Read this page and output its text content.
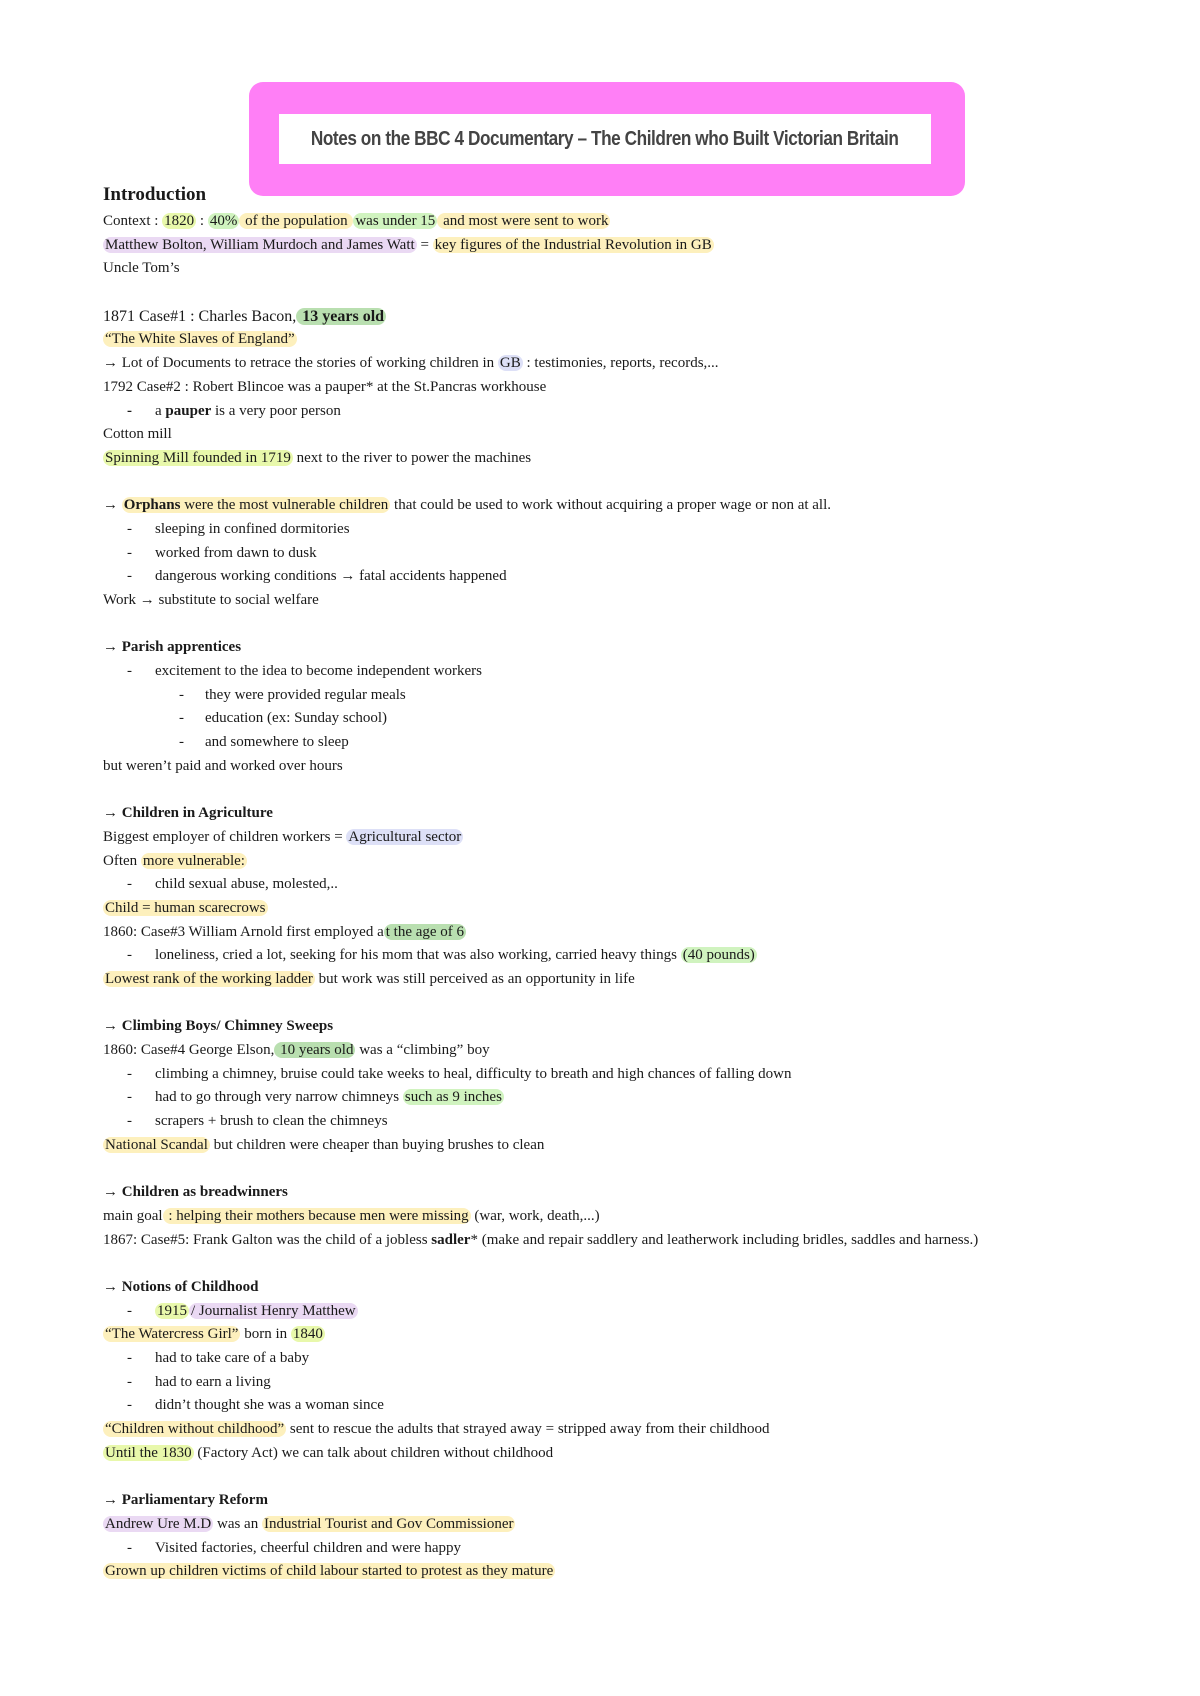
Notes on the BBC 4 Documentary – The Children who Built Victorian Britain
Introduction
Context : 1820 : 40% of the population was under 15 and most were sent to work
Matthew Bolton, William Murdoch and James Watt = key figures of the Industrial Revolution in GB
Uncle Tom’s
1871 Case#1 : Charles Bacon, 13 years old
“The White Slaves of England”
→ Lot of Documents to retrace the stories of working children in GB : testimonies, reports, records,...
1792 Case#2 : Robert Blincoe was a pauper* at the St.Pancras workhouse
- a pauper is a very poor person
Cotton mill
Spinning Mill founded in 1719 next to the river to power the machines
→ Orphans were the most vulnerable children that could be used to work without acquiring a proper wage or non at all.
- sleeping in confined dormitories
- worked from dawn to dusk
- dangerous working conditions → fatal accidents happened
Work → substitute to social welfare
→ Parish apprentices
- excitement to the idea to become independent workers
- they were provided regular meals
- education (ex: Sunday school)
- and somewhere to sleep
but weren’t paid and worked over hours
→ Children in Agriculture
Biggest employer of children workers = Agricultural sector
Often more vulnerable:
- child sexual abuse, molested,..
Child = human scarecrows
1860: Case#3 William Arnold first employed a t the age of 6
- loneliness, cried a lot, seeking for his mom that was also working, carried heavy things (40 pounds)
Lowest rank of the working ladder but work was still perceived as an opportunity in life
→ Climbing Boys/ Chimney Sweeps
1860: Case#4 George Elson, 10 years old was a “climbing” boy
- climbing a chimney, bruise could take weeks to heal, difficulty to breath and high chances of falling down
- had to go through very narrow chimneys such as 9 inches
- scrapers + brush to clean the chimneys
National Scandal but children were cheaper than buying brushes to clean
→ Children as breadwinners
main goal : helping their mothers because men were missing (war, work, death,...)
1867: Case#5: Frank Galton was the child of a jobless sadler* (make and repair saddlery and leatherwork including bridles, saddles and harness.)
→ Notions of Childhood
- 1915 / Journalist Henry Matthew
“The Watercress Girl” born in 1840
- had to take care of a baby
- had to earn a living
- didn’t thought she was a woman since
“Children without childhood” sent to rescue the adults that strayed away = stripped away from their childhood
Until the 1830 (Factory Act) we can talk about children without childhood
→ Parliamentary Reform
Andrew Ure M.D was an Industrial Tourist and Gov Commissioner
- Visited factories, cheerful children and were happy
Grown up children victims of child labour started to protest as they mature
